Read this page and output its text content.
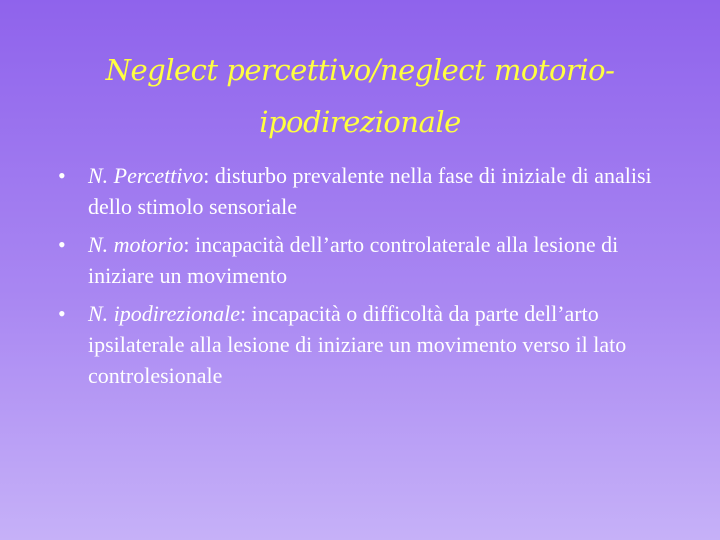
Neglect percettivo/neglect motorio-
ipodirezionale
•	N. Percettivo: disturbo prevalente nella fase di iniziale di analisi dello stimolo sensoriale
•	N. motorio: incapacità dell’arto controlaterale alla lesione di iniziare un movimento
•	N. ipodirezionale: incapacità o difficoltà da parte dell’arto ipsilaterale alla lesione di iniziare un movimento verso il lato controlesionale
